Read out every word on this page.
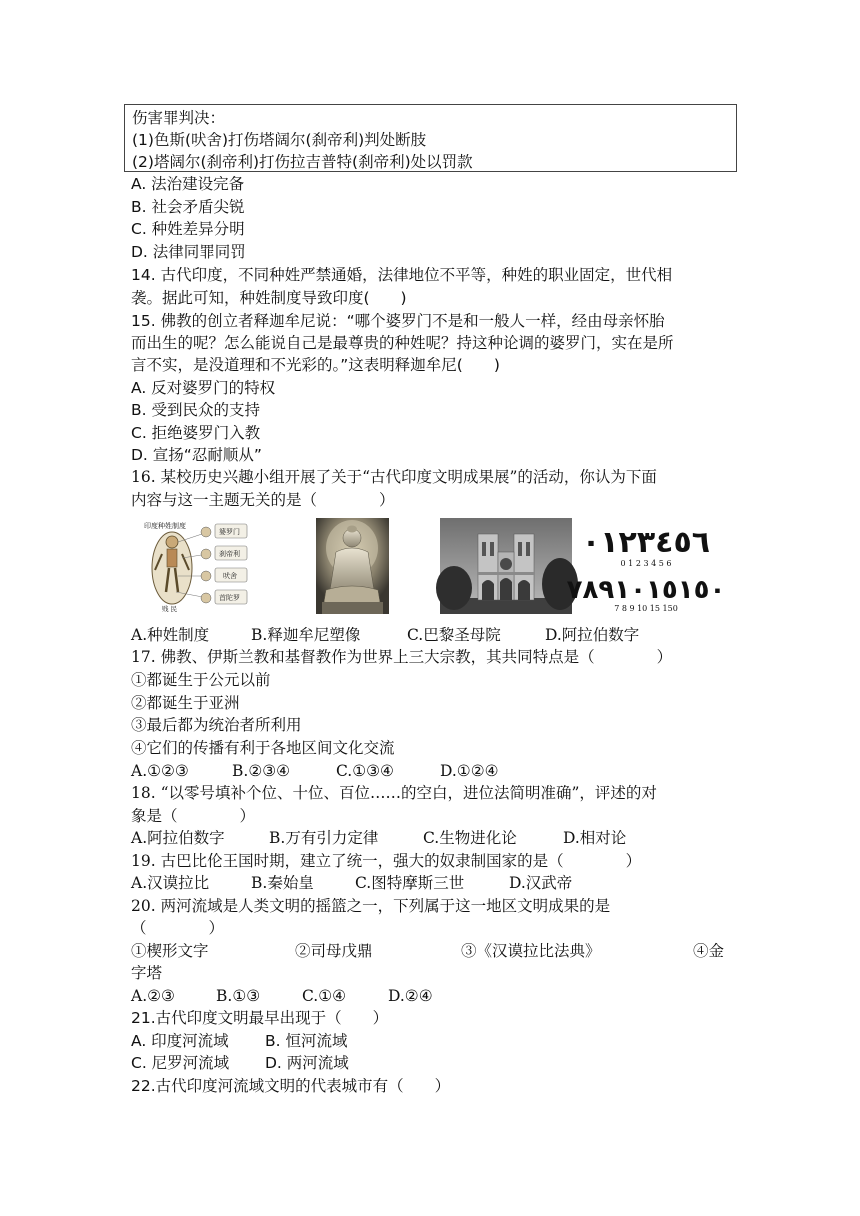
伤害罪判决：
(1)色斯(吠舍)打伤塔阔尔(刹帝利)判处断肢
(2)塔阔尔(刹帝利)打伤拉吉普特(刹帝利)处以罚款
A. 法治建设完备
B. 社会矛盾尖锐
C. 种姓差异分明
D. 法律同罪同罚
14. 古代印度，不同种姓严禁通婚，法律地位不平等，种姓的职业固定，世代相
袭。据此可知，种姓制度导致印度(　　)
15. 佛教的创立者释迦牟尼说：“哪个婆罗门不是和一般人一样，经由母亲怀胎
而出生的呢？怎么能说自己是最尊贵的种姓呢？持这种论调的婆罗门，实在是所
言不实，是没道理和不光彩的。”这表明释迦牟尼(　　)
A. 反对婆罗门的特权
B. 受到民众的支持
C. 拒绝婆罗门入教
D. 宣扬“忍耐顺从”
16. 某校历史兴趣小组开展了关于“古代印度文明成果展”的活动，你认为下面
内容与这一主题无关的是（　　　　）
印度种姓制度
婆罗门
刹帝利
吠舍
首陀罗
贱 民
٠١٢٣٤٥٦
0 1 2 3 4 5 6
٧٨٩١٠١٥١٥٠
7 8 9 10 15 150
A.种姓制度	B.释迦牟尼塑像	C.巴黎圣母院	D.阿拉伯数字
17. 佛教、伊斯兰教和基督教作为世界上三大宗教，其共同特点是（　　　　）
①都诞生于公元以前
②都诞生于亚洲
③最后都为统治者所利用
④它们的传播有利于各地区间文化交流
A.①②③	B.②③④	C.①③④	D.①②④
18. “以零号填补个位、十位、百位……的空白，进位法简明准确”，评述的对
象是（　　　　）
A.阿拉伯数字	B.万有引力定律	C.生物进化论	D.相对论
19. 古巴比伦王国时期，建立了统一，强大的奴隶制国家的是（　　　　）
A.汉谟拉比	B.秦始皇	C.图特摩斯三世	D.汉武帝
20. 两河流域是人类文明的摇篮之一，下列属于这一地区文明成果的是
（　　　　）
①楔形文字	②司母戊鼎	③《汉谟拉比法典》	④金
字塔
A.②③	B.①③	C.①④	D.②④
21.古代印度文明最早出现于（　　）
A. 印度河流域 B. 恒河流域
C. 尼罗河流域 D. 两河流域
22.古代印度河流域文明的代表城市有（　　）
